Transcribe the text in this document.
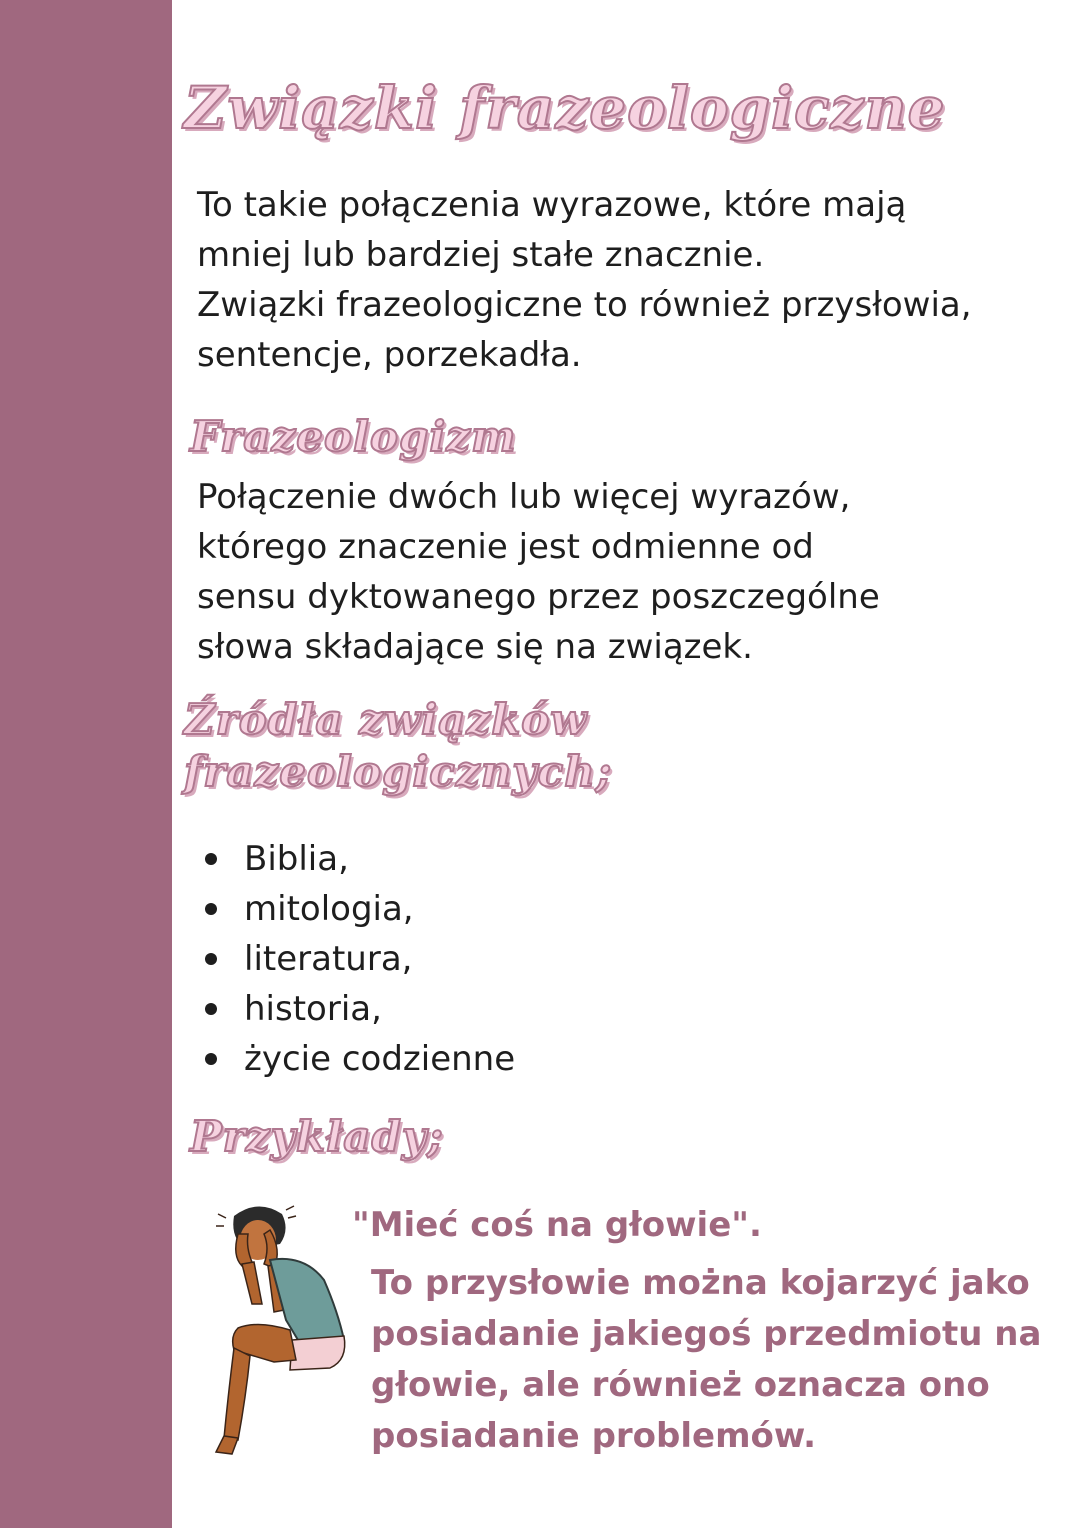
Związki frazeologiczne
To takie połączenia wyrazowe, które mają
mniej lub bardziej stałe znacznie.
Związki frazeologiczne to również przysłowia,
sentencje, porzekadła.
Frazeologizm
Połączenie dwóch lub więcej wyrazów,
którego znaczenie jest odmienne od
sensu dyktowanego przez poszczególne
słowa składające się na związek.
Źródła związków
frazeologicznych;
Biblia,
mitologia,
literatura,
historia,
życie codzienne
Przykłady;
"Mieć coś na głowie".
To przysłowie można kojarzyć jako
posiadanie jakiegoś przedmiotu na
głowie, ale również oznacza ono
posiadanie problemów.
